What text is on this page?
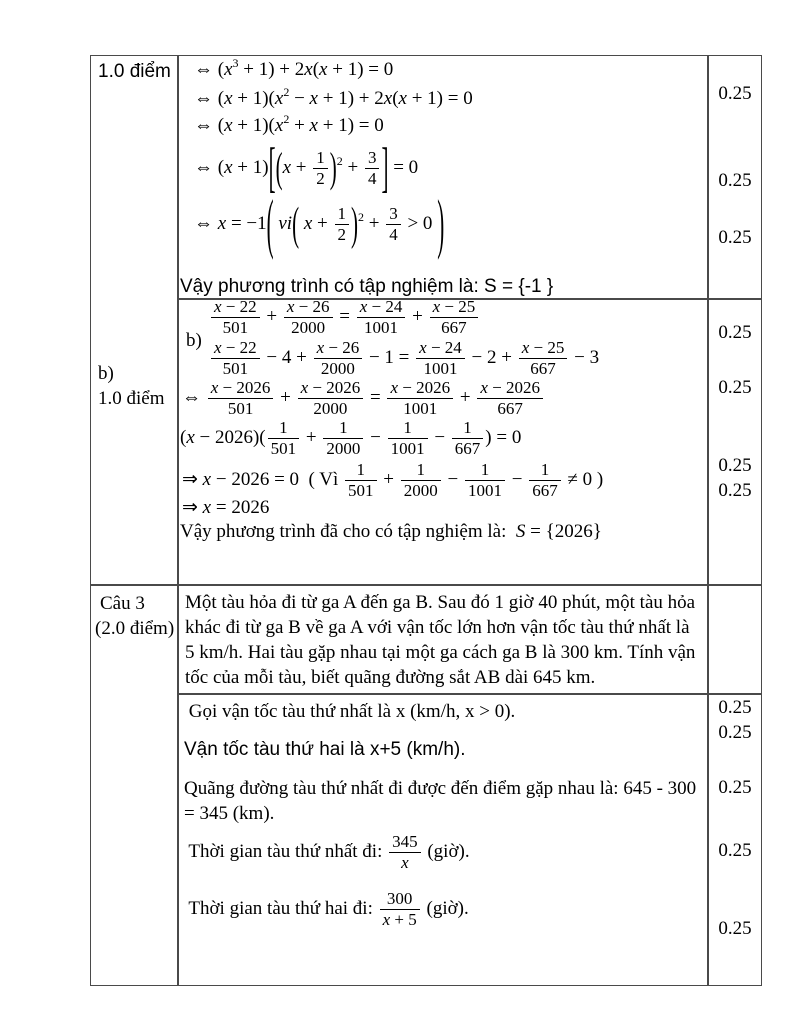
1.0 điểm
b)
1.0 điểm
Câu 3
(2.0 điểm)
⇔ $(x^3 + 1) + 2x(x + 1) = 0$
⇔ $(x + 1)(x^2 - x + 1) + 2x(x + 1) = 0$
⇔ $(x + 1)(x^2 + x + 1) = 0$
⇔ $(x + 1)[(x + \frac{1}{2} )^2 + \frac{3}{4}$ ] = 0
⇔ x = −1( vi( $x + \frac{1}{2} )^2 + \frac{3}{4} > 0$ )
Vậy phương trình có tập nghiệm là: S = {-1 }
0.25
0.25
0.25
b)
$\frac{x - 22}{501} + \frac{x - 26}{2000} = \frac{x - 24}{1001} + \frac{x - 25}{667}$
$\frac{x - 22}{501} - 4 + \frac{x - 26}{2000} - 1 = \frac{x - 24}{1001} - 2 + \frac{x - 25}{667} - 3$
⇔ $\frac{x - 2026}{501} + \frac{x - 2026}{2000} = \frac{x - 2026}{1001} + \frac{x - 2026}{667}$
$(x - 2026)( \frac{1}{501} + \frac{1}{2000} - \frac{1}{1001} - \frac{1}{667}$ ) = 0
⇒ x − 2026 = 0  ( Vì $\frac{1}{501} + \frac{1}{2000} - \frac{1}{1001} - \frac{1}{667} \ne 0$ )
⇒ x = 2026
Vậy phương trình đã cho có tập nghiệm là:  S = {2026}
0.25
0.25
0.25
0.25
Một tàu hỏa đi từ ga A đến ga B. Sau đó 1 giờ 40 phút, một tàu hỏa khác đi từ ga B về ga A với vận tốc lớn hơn vận tốc tàu thứ nhất là 5 km/h. Hai tàu gặp nhau tại một ga cách ga B là 300 km. Tính vận tốc của mỗi tàu, biết quãng đường sắt AB dài 645 km.
Gọi vận tốc tàu thứ nhất là x (km/h, x > 0).
Vận tốc tàu thứ hai là x+5 (km/h).
Quãng đường tàu thứ nhất đi được đến điểm gặp nhau là: 645 - 300 = 345 (km).
Thời gian tàu thứ nhất đi: $\frac{345}{x}$ (giờ).
Thời gian tàu thứ hai đi: $\frac{300}{x + 5}$ (giờ).
0.25
0.25
0.25
0.25
0.25
